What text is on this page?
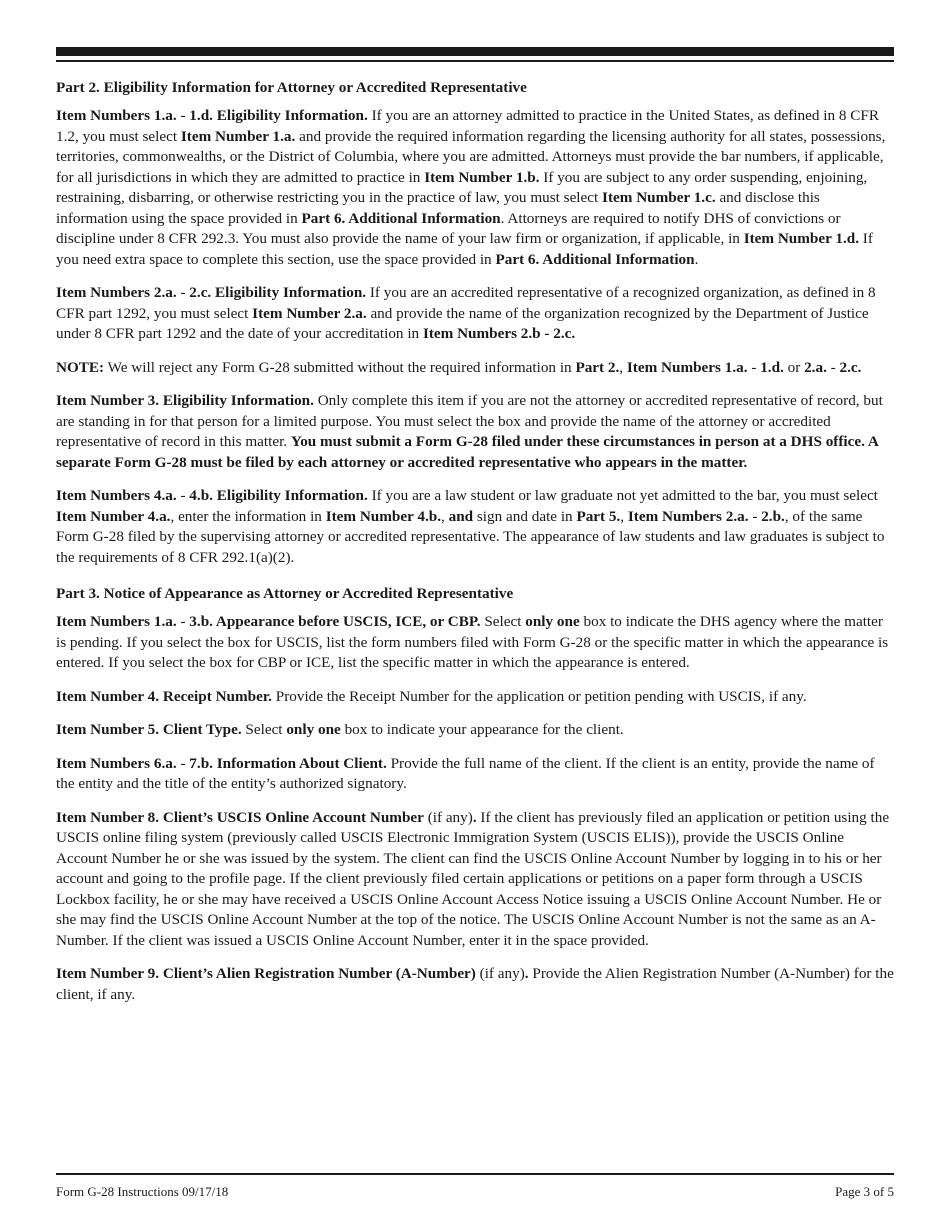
Part 2. Eligibility Information for Attorney or Accredited Representative

Item Numbers 1.a. - 1.d. Eligibility Information. If you are an attorney admitted to practice in the United States, as defined in 8 CFR 1.2, you must select Item Number 1.a. and provide the required information regarding the licensing authority for all states, possessions, territories, commonwealths, or the District of Columbia, where you are admitted. Attorneys must provide the bar numbers, if applicable, for all jurisdictions in which they are admitted to practice in Item Number 1.b. If you are subject to any order suspending, enjoining, restraining, disbarring, or otherwise restricting you in the practice of law, you must select Item Number 1.c. and disclose this information using the space provided in Part 6. Additional Information. Attorneys are required to notify DHS of convictions or discipline under 8 CFR 292.3. You must also provide the name of your law firm or organization, if applicable, in Item Number 1.d. If you need extra space to complete this section, use the space provided in Part 6. Additional Information.

Item Numbers 2.a. - 2.c. Eligibility Information. If you are an accredited representative of a recognized organization, as defined in 8 CFR part 1292, you must select Item Number 2.a. and provide the name of the organization recognized by the Department of Justice under 8 CFR part 1292 and the date of your accreditation in Item Numbers 2.b - 2.c.

NOTE: We will reject any Form G-28 submitted without the required information in Part 2., Item Numbers 1.a. - 1.d. or 2.a. - 2.c.

Item Number 3. Eligibility Information. Only complete this item if you are not the attorney or accredited representative of record, but are standing in for that person for a limited purpose. You must select the box and provide the name of the attorney or accredited representative of record in this matter. You must submit a Form G-28 filed under these circumstances in person at a DHS office. A separate Form G-28 must be filed by each attorney or accredited representative who appears in the matter.

Item Numbers 4.a. - 4.b. Eligibility Information. If you are a law student or law graduate not yet admitted to the bar, you must select Item Number 4.a., enter the information in Item Number 4.b., and sign and date in Part 5., Item Numbers 2.a. - 2.b., of the same Form G-28 filed by the supervising attorney or accredited representative. The appearance of law students and law graduates is subject to the requirements of 8 CFR 292.1(a)(2).

Part 3. Notice of Appearance as Attorney or Accredited Representative

Item Numbers 1.a. - 3.b. Appearance before USCIS, ICE, or CBP. Select only one box to indicate the DHS agency where the matter is pending. If you select the box for USCIS, list the form numbers filed with Form G-28 or the specific matter in which the appearance is entered. If you select the box for CBP or ICE, list the specific matter in which the appearance is entered.

Item Number 4. Receipt Number. Provide the Receipt Number for the application or petition pending with USCIS, if any.

Item Number 5. Client Type. Select only one box to indicate your appearance for the client.

Item Numbers 6.a. - 7.b. Information About Client. Provide the full name of the client. If the client is an entity, provide the name of the entity and the title of the entity’s authorized signatory.

Item Number 8. Client’s USCIS Online Account Number (if any). If the client has previously filed an application or petition using the USCIS online filing system (previously called USCIS Electronic Immigration System (USCIS ELIS)), provide the USCIS Online Account Number he or she was issued by the system. The client can find the USCIS Online Account Number by logging in to his or her account and going to the profile page. If the client previously filed certain applications or petitions on a paper form through a USCIS Lockbox facility, he or she may have received a USCIS Online Account Access Notice issuing a USCIS Online Account Number. He or she may find the USCIS Online Account Number at the top of the notice. The USCIS Online Account Number is not the same as an A-Number. If the client was issued a USCIS Online Account Number, enter it in the space provided.

Item Number 9. Client’s Alien Registration Number (A-Number) (if any). Provide the Alien Registration Number (A-Number) for the client, if any.

Form G-28 Instructions 09/17/18	Page 3 of 5
